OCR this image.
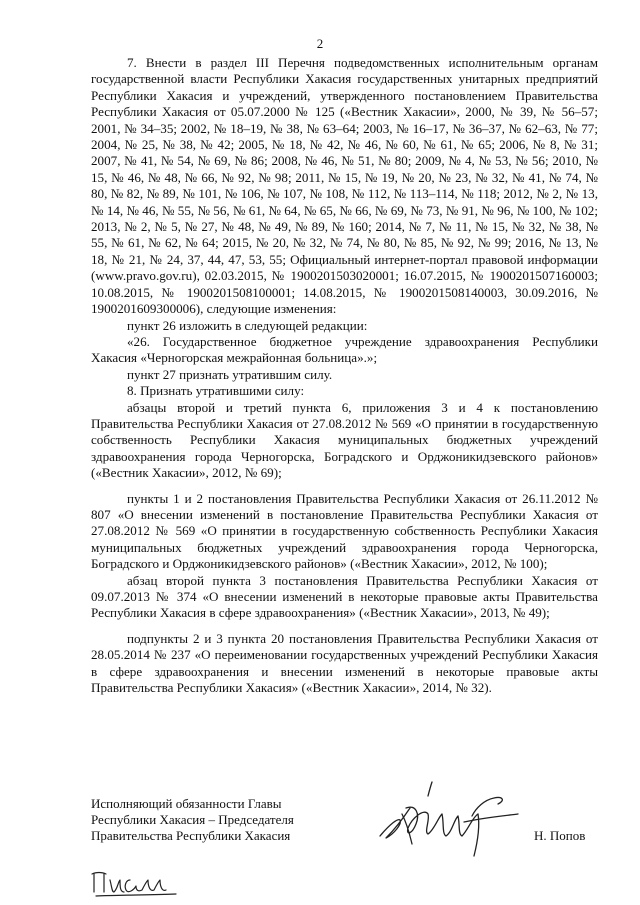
2

7. Внести в раздел III Перечня подведомственных исполнительным органам государственной власти Республики Хакасия государственных унитарных предприятий Республики Хакасия и учреждений, утвержденного постановлением Правительства Республики Хакасия от 05.07.2000 № 125 («Вестник Хакасии», 2000, № 39, № 56–57; 2001, № 34–35; 2002, № 18–19, № 38, № 63–64; 2003, № 16–17, № 36–37, № 62–63, № 77; 2004, № 25, № 38, № 42; 2005, № 18, № 42, № 46, № 60, № 61, № 65; 2006, № 8, № 31; 2007, № 41, № 54, № 69, № 86; 2008, № 46, № 51, № 80; 2009, № 4, № 53, № 56; 2010, № 15, № 46, № 48, № 66, № 92, № 98; 2011, № 15, № 19, № 20, № 23, № 32, № 41, № 74, № 80, № 82, № 89, № 101, № 106, № 107, № 108, № 112, № 113–114, № 118; 2012, № 2, № 13, № 14, № 46, № 55, № 56, № 61, № 64, № 65, № 66, № 69, № 73, № 91, № 96, № 100, № 102; 2013, № 2, № 5, № 27, № 48, № 49, № 89, № 160; 2014, № 7, № 11, № 15, № 32, № 38, № 55, № 61, № 62, № 64; 2015, № 20, № 32, № 74, № 80, № 85, № 92, № 99; 2016, № 13, № 18, № 21, № 24, 37, 44, 47, 53, 55; Официальный интернет-портал правовой информации (www.pravo.gov.ru), 02.03.2015, № 1900201503020001; 16.07.2015, № 1900201507160003; 10.08.2015, № 1900201508100001; 14.08.2015, № 1900201508140003, 30.09.2016, № 1900201609300006), следующие изменения:

пункт 26 изложить в следующей редакции:

«26. Государственное бюджетное учреждение здравоохранения Республики Хакасия «Черногорская межрайонная больница».»;

пункт 27 признать утратившим силу.

8. Признать утратившими силу:

абзацы второй и третий пункта 6, приложения 3 и 4 к постановлению Правительства Республики Хакасия от 27.08.2012 № 569 «О принятии в государственную собственность Республики Хакасия муниципальных бюджетных учреждений здравоохранения города Черногорска, Боградского и Орджоникидзевского районов» («Вестник Хакасии», 2012, № 69);

пункты 1 и 2 постановления Правительства Республики Хакасия от 26.11.2012 № 807 «О внесении изменений в постановление Правительства Республики Хакасия от 27.08.2012 № 569 «О принятии в государственную собственность Республики Хакасия муниципальных бюджетных учреждений здравоохранения города Черногорска, Боградского и Орджоникидзевского районов» («Вестник Хакасии», 2012, № 100);

абзац второй пункта 3 постановления Правительства Республики Хакасия от 09.07.2013 № 374 «О внесении изменений в некоторые правовые акты Правительства Республики Хакасия в сфере здравоохранения» («Вестник Хакасии», 2013, № 49);

подпункты 2 и 3 пункта 20 постановления Правительства Республики Хакасия от 28.05.2014 № 237 «О переименовании государственных учреждений Республики Хакасия в сфере здравоохранения и внесении изменений в некоторые правовые акты Правительства Республики Хакасия» («Вестник Хакасии», 2014, № 32).

Исполняющий обязанности Главы
Республики Хакасия – Председателя
Правительства Республики Хакасия	Н. Попов
